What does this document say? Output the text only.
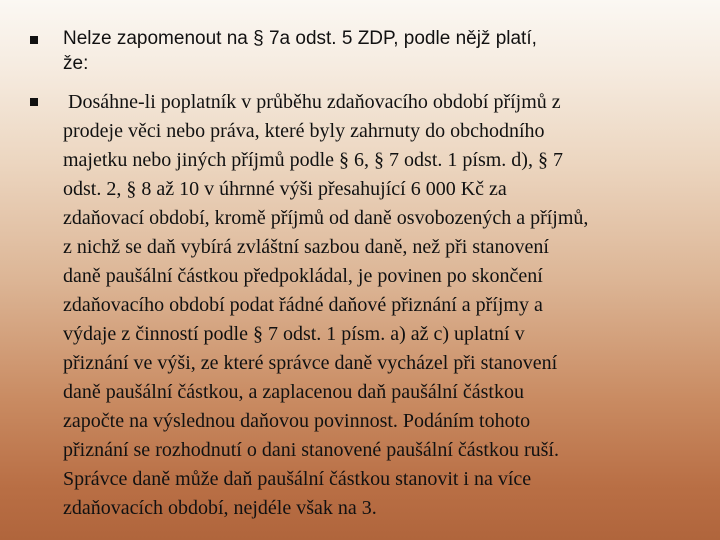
Nelze zapomenout na § 7a odst. 5 ZDP, podle nějž platí,
že:
Dosáhne-li poplatník v průběhu zdaňovacího období příjmů z
prodeje věci nebo práva, které byly zahrnuty do obchodního
majetku nebo jiných příjmů podle § 6, § 7 odst. 1 písm. d), § 7
odst. 2, § 8 až 10 v úhrnné výši přesahující 6 000 Kč za
zdaňovací období, kromě příjmů od daně osvobozených a příjmů,
z nichž se daň vybírá zvláštní sazbou daně, než při stanovení
daně paušální částkou předpokládal, je povinen po skončení
zdaňovacího období podat řádné daňové přiznání a příjmy a
výdaje z činností podle § 7 odst. 1 písm. a) až c) uplatní v
přiznání ve výši, ze které správce daně vycházel při stanovení
daně paušální částkou, a zaplacenou daň paušální částkou
započte na výslednou daňovou povinnost. Podáním tohoto
přiznání se rozhodnutí o dani stanovené paušální částkou ruší.
Správce daně může daň paušální částkou stanovit i na více
zdaňovacích období, nejdéle však na 3.
